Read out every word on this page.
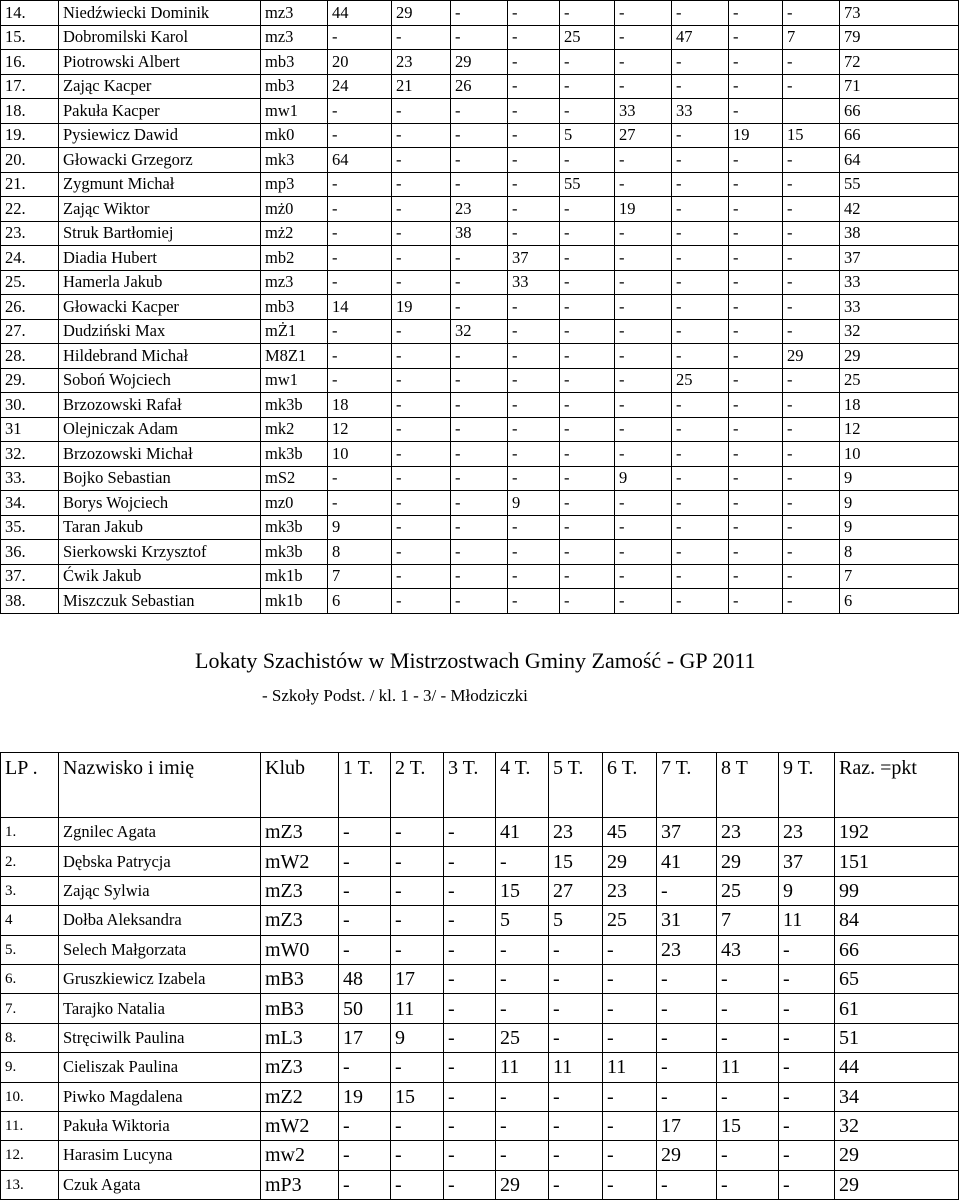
14.	Niedźwiecki Dominik	mz3	44	29	-	-	-	-	-	-	-	73
15.	Dobromilski Karol	mz3	-	-	-	-	25	-	47	-	7	79
16.	Piotrowski Albert	mb3	20	23	29	-	-	-	-	-	-	72
17.	Zając Kacper	mb3	24	21	26	-	-	-	-	-	-	71
18.	Pakuła Kacper	mw1	-	-	-	-	-	33	33	-		66
19.	Pysiewicz Dawid	mk0	-	-	-	-	5	27	-	19	15	66
20.	Głowacki Grzegorz	mk3	64	-	-	-	-	-	-	-	-	64
21.	Zygmunt Michał	mp3	-	-	-	-	55	-	-	-	-	55
22.	Zając Wiktor	mż0	-	-	23	-	-	19	-	-	-	42
23.	Struk Bartłomiej	mż2	-	-	38	-	-	-	-	-	-	38
24.	Diadia Hubert	mb2	-	-	-	37	-	-	-	-	-	37
25.	Hamerla Jakub	mz3	-	-	-	33	-	-	-	-	-	33
26.	Głowacki Kacper	mb3	14	19	-	-	-	-	-	-	-	33
27.	Dudziński Max	mŻ1	-	-	32	-	-	-	-	-	-	32
28.	Hildebrand Michał	M8Z1	-	-	-	-	-	-	-	-	29	29
29.	Soboń Wojciech	mw1	-	-	-	-	-	-	25	-	-	25
30.	Brzozowski Rafał	mk3b	18	-	-	-	-	-	-	-	-	18
31	Olejniczak Adam	mk2	12	-	-	-	-	-	-	-	-	12
32.	Brzozowski Michał	mk3b	10	-	-	-	-	-	-	-	-	10
33.	Bojko Sebastian	mS2	-	-	-	-	-	9	-	-	-	9
34.	Borys Wojciech	mz0	-	-	-	9	-	-	-	-	-	9
35.	Taran Jakub	mk3b	9	-	-	-	-	-	-	-	-	9
36.	Sierkowski Krzysztof	mk3b	8	-	-	-	-	-	-	-	-	8
37.	Ćwik Jakub	mk1b	7	-	-	-	-	-	-	-	-	7
38.	Miszczuk Sebastian	mk1b	6	-	-	-	-	-	-	-	-	6
Lokaty Szachistów w Mistrzostwach Gminy Zamość - GP 2011
- Szkoły Podst. / kl. 1 - 3/ - Młodziczki
LP .	Nazwisko i imię	Klub	1 T.	2 T.	3 T.	4 T.	5 T.	6 T.	7 T.	8 T	9 T.	Raz. =pkt
1.	Zgnilec Agata	mZ3	-	-	-	41	23	45	37	23	23	192
2.	Dębska Patrycja	mW2	-	-	-	-	15	29	41	29	37	151
3.	Zając Sylwia	mZ3	-	-	-	15	27	23	-	25	9	99
4	Dołba Aleksandra	mZ3	-	-	-	5	5	25	31	7	11	84
5.	Selech Małgorzata	mW0	-	-	-	-	-	-	23	43	-	66
6.	Gruszkiewicz Izabela	mB3	48	17	-	-	-	-	-	-	-	65
7.	Tarajko Natalia	mB3	50	11	-	-	-	-	-	-	-	61
8.	Stręciwilk Paulina	mL3	17	9	-	25	-	-	-	-	-	51
9.	Cieliszak Paulina	mZ3	-	-	-	11	11	11	-	11	-	44
10.	Piwko Magdalena	mZ2	19	15	-	-	-	-	-	-	-	34
11.	Pakuła Wiktoria	mW2	-	-	-	-	-	-	17	15	-	32
12.	Harasim Lucyna	mw2	-	-	-	-	-	-	29	-	-	29
13.	Czuk Agata	mP3	-	-	-	29	-	-	-	-	-	29
